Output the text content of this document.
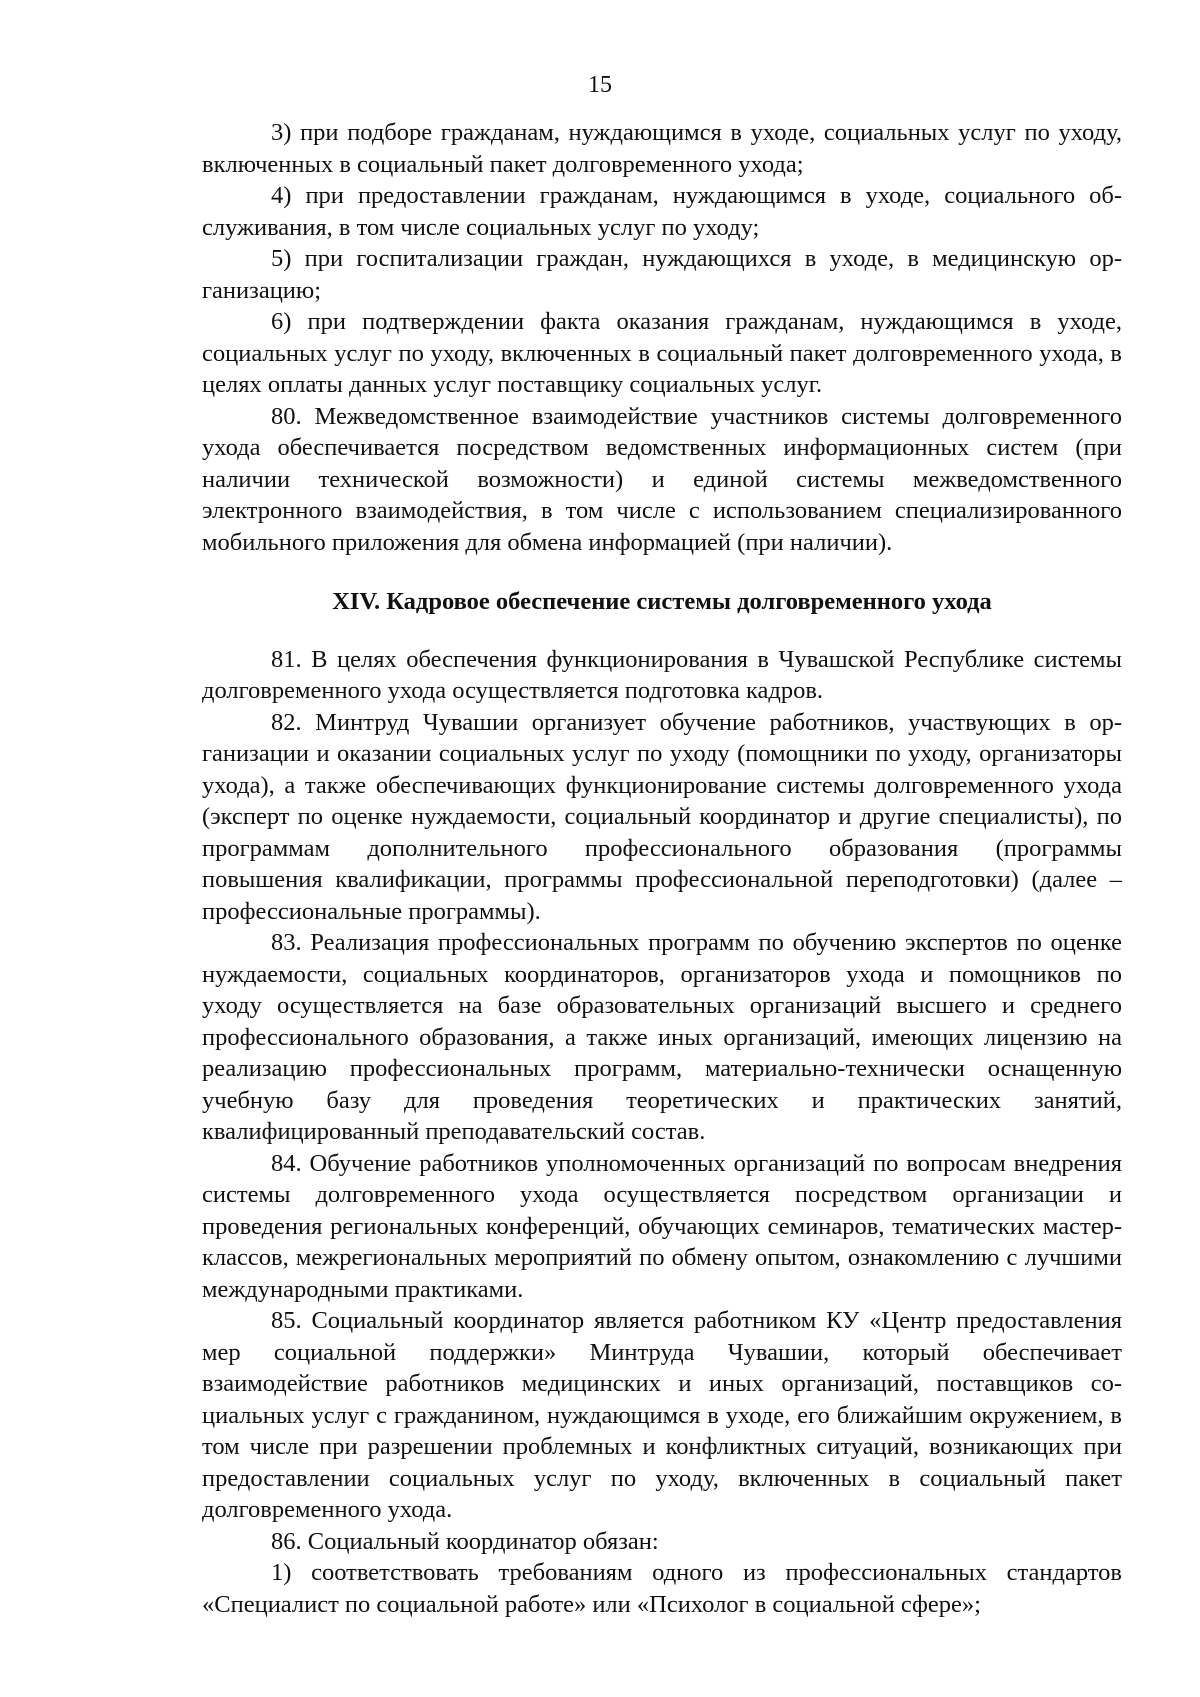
15

3) при подборе гражданам, нуждающимся в уходе, социальных услуг по уходу, включенных в социальный пакет долговременного ухода;

4) при предоставлении гражданам, нуждающимся в уходе, социального обслуживания, в том числе социальных услуг по уходу;

5) при госпитализации граждан, нуждающихся в уходе, в медицинскую организацию;

6) при подтверждении факта оказания гражданам, нуждающимся в уходе, социальных услуг по уходу, включенных в социальный пакет долговременного ухода, в целях оплаты данных услуг поставщику социальных услуг.

80. Межведомственное взаимодействие участников системы долговременного ухода обеспечивается посредством ведомственных информационных систем (при наличии технической возможности) и единой системы межведомственного электронного взаимодействия, в том числе с использованием специализированного мобильного приложения для обмена информацией (при наличии).

XIV. Кадровое обеспечение системы долговременного ухода

81. В целях обеспечения функционирования в Чувашской Республике системы долговременного ухода осуществляется подготовка кадров.

82. Минтруд Чувашии организует обучение работников, участвующих в организации и оказании социальных услуг по уходу (помощники по уходу, организаторы ухода), а также обеспечивающих функционирование системы долговременного ухода (эксперт по оценке нуждаемости, социальный координатор и другие специалисты), по программам дополнительного профессионального образования (программы повышения квалификации, программы профессиональной переподготовки) (далее – профессиональные программы).

83. Реализация профессиональных программ по обучению экспертов по оценке нуждаемости, социальных координаторов, организаторов ухода и помощников по уходу осуществляется на базе образовательных организаций высшего и среднего профессионального образования, а также иных организаций, имеющих лицензию на реализацию профессиональных программ, материально-технически оснащенную учебную базу для проведения теоретических и практических занятий, квалифицированный преподавательский состав.

84. Обучение работников уполномоченных организаций по вопросам внедрения системы долговременного ухода осуществляется посредством организации и проведения региональных конференций, обучающих семинаров, тематических мастер-классов, межрегиональных мероприятий по обмену опытом, ознакомлению с лучшими международными практиками.

85. Социальный координатор является работником КУ «Центр предоставления мер социальной поддержки» Минтруда Чувашии, который обеспечивает взаимодействие работников медицинских и иных организаций, поставщиков социальных услуг с гражданином, нуждающимся в уходе, его ближайшим окружением, в том числе при разрешении проблемных и конфликтных ситуаций, возникающих при предоставлении социальных услуг по уходу, включенных в социальный пакет долговременного ухода.

86. Социальный координатор обязан:

1) соответствовать требованиям одного из профессиональных стандартов «Специалист по социальной работе» или «Психолог в социальной сфере»;
